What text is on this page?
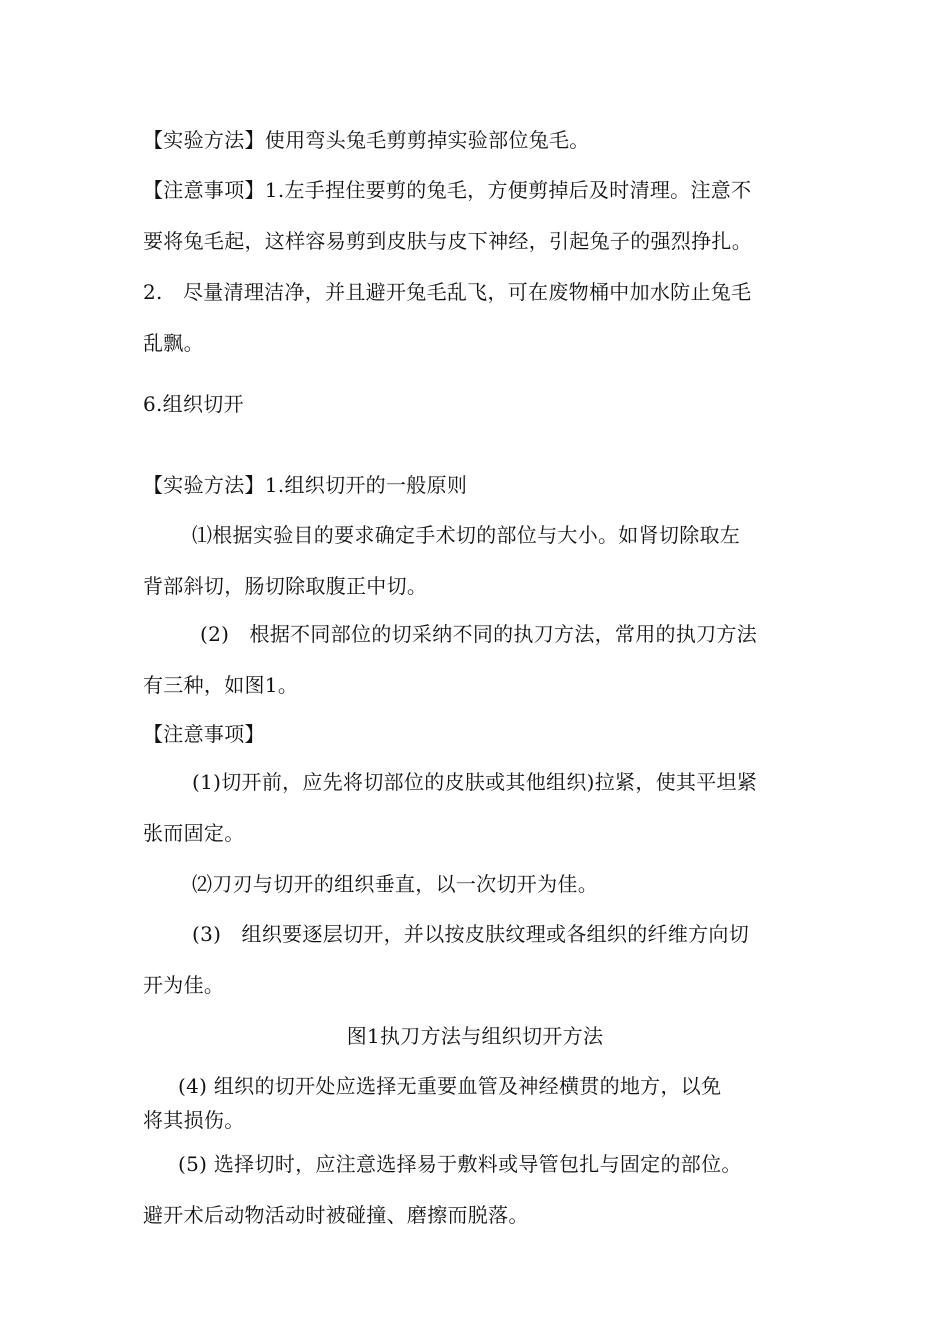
【实验方法】使用弯头兔毛剪剪掉实验部位兔毛。
【注意事项】1.左手捏住要剪的兔毛，方便剪掉后及时清理。注意不
要将兔毛起，这样容易剪到皮肤与皮下神经，引起兔子的强烈挣扎。
2.　尽量清理洁净，并且避开兔毛乱飞，可在废物桶中加水防止兔毛
乱飘。
6.组织切开
【实验方法】1.组织切开的一般原则
⑴根据实验目的要求确定手术切的部位与大小。如肾切除取左
背部斜切，肠切除取腹正中切。
(2)　根据不同部位的切采纳不同的执刀方法，常用的执刀方法
有三种，如图1。
【注意事项】
(1)切开前，应先将切部位的皮肤或其他组织)拉紧，使其平坦紧
张而固定。
⑵刀刃与切开的组织垂直，以一次切开为佳。
(3)　组织要逐层切开，并以按皮肤纹理或各组织的纤维方向切
开为佳。
图1执刀方法与组织切开方法
(4) 组织的切开处应选择无重要血管及神经横贯的地方，以免
将其损伤。
(5) 选择切时，应注意选择易于敷料或导管包扎与固定的部位。
避开术后动物活动时被碰撞、磨擦而脱落。
